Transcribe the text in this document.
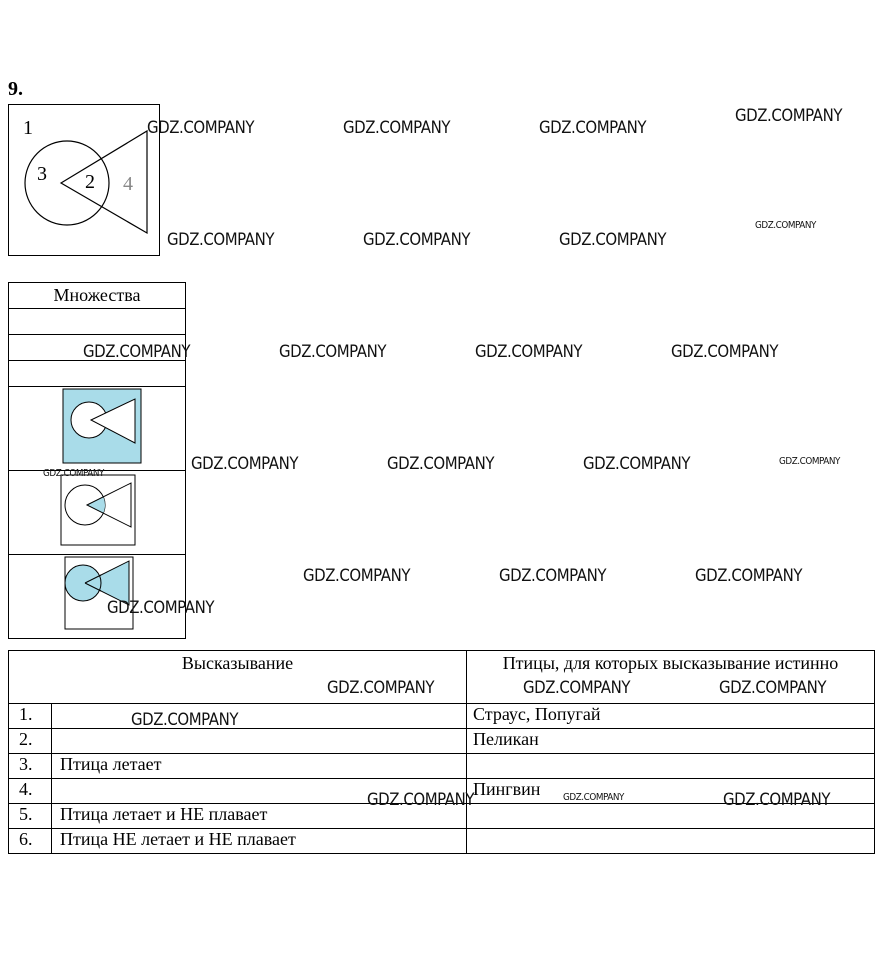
9.
1
2
3	4
Множества

Высказывание		Птицы, для которых высказывание истинно
1.		Страус, Попугай
2.		Пеликан
3.	Птица летает	
4.		Пингвин
5.	Птица летает и НЕ плавает	
6.	Птица НЕ летает и НЕ плавает	
GDZ.COMPANY	GDZ.COMPANY	GDZ.COMPANY
GDZ.COMPANY
GDZ.COMPANY	GDZ.COMPANY	GDZ.COMPANY
GDZ.COMPANY
GDZ.COMPANY	GDZ.COMPANY	GDZ.COMPANY	GDZ.COMPANY
GDZ.COMPANY	GDZ.COMPANY	GDZ.COMPANY	GDZ.COMPANY
GDZ.COMPANY
GDZ.COMPANY	GDZ.COMPANY	GDZ.COMPANY
GDZ.COMPANY
GDZ.COMPANY	GDZ.COMPANY	GDZ.COMPANY
GDZ.COMPANY
GDZ.COMPANY	GDZ.COMPANY	GDZ.COMPANY
